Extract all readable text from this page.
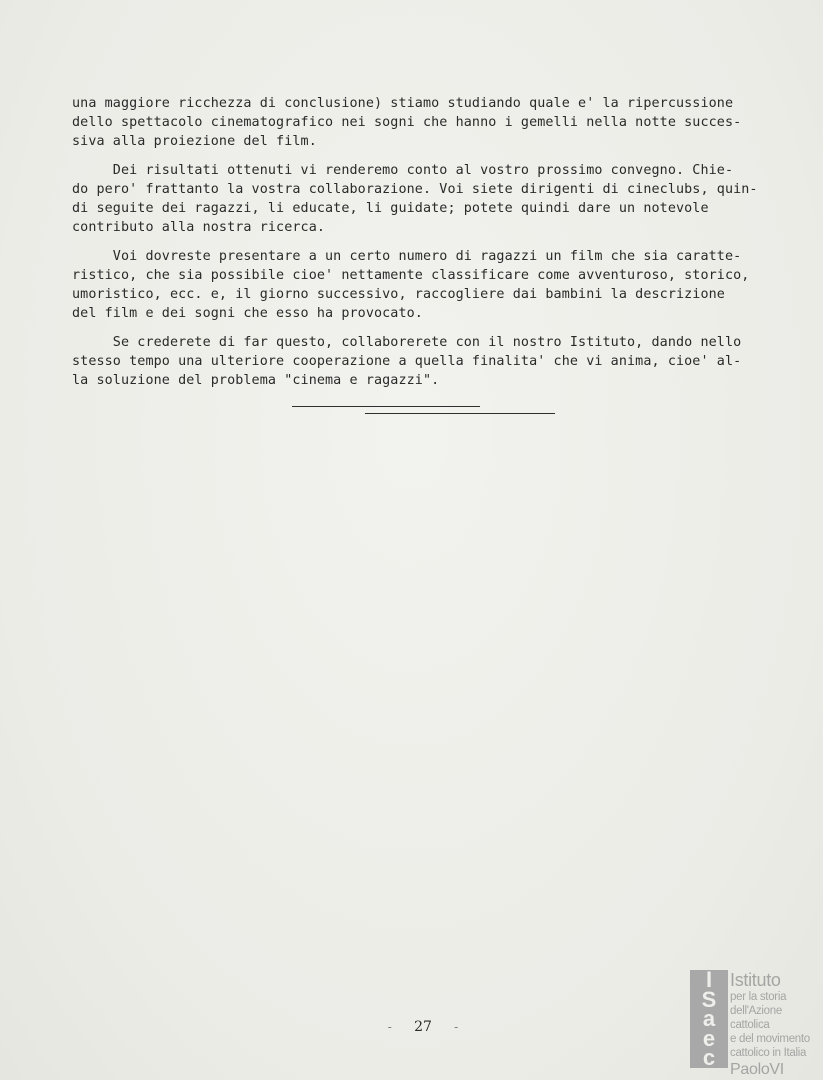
una maggiore ricchezza di conclusione) stiamo studiando quale e' la ripercussione
dello spettacolo cinematografico nei sogni che hanno i gemelli nella notte succes-
siva alla proiezione del film.
Dei risultati ottenuti vi renderemo conto al vostro prossimo convegno. Chie-
do pero' frattanto la vostra collaborazione. Voi siete dirigenti di cineclubs, quin-
di seguite dei ragazzi, li educate, li guidate; potete quindi dare un notevole
contributo alla nostra ricerca.
Voi dovreste presentare a un certo numero di ragazzi un film che sia caratte-
ristico, che sia possibile cioe' nettamente classificare come avventuroso, storico,
umoristico, ecc. e, il giorno successivo, raccogliere dai bambini la descrizione
del film e dei sogni che esso ha provocato.
Se crederete di far questo, collaborerete con il nostro Istituto, dando nello
stesso tempo una ulteriore cooperazione a quella finalita' che vi anima, cioe' al-
la soluzione del problema "cinema e ragazzi".
- 27 -
I
S
a
e
c
Istituto
per la storia
dell'Azione cattolica
e del movimento
cattolico in Italia
PaoloVI
